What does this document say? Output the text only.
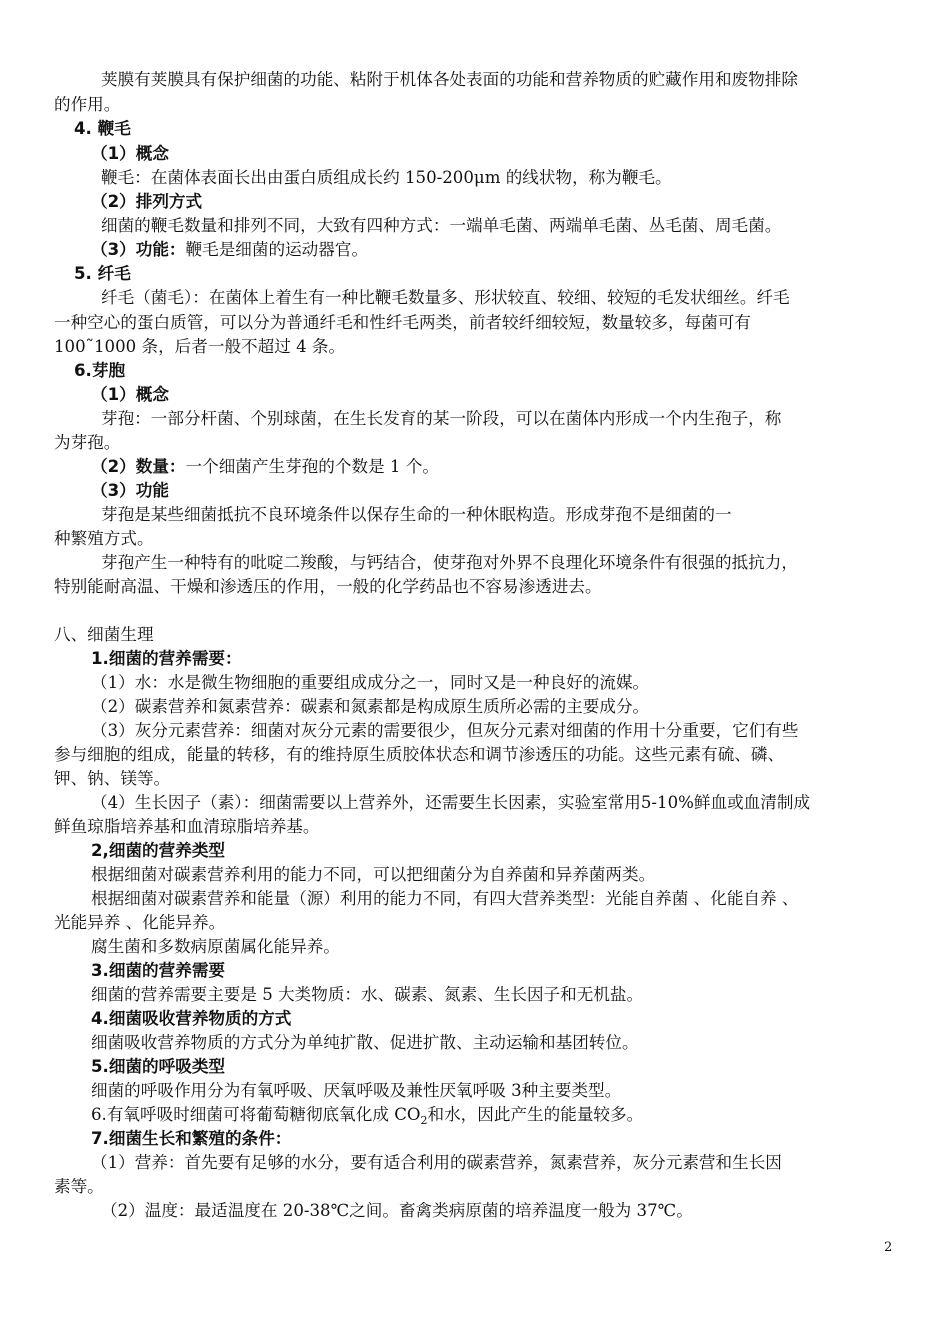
荚膜有荚膜具有保护细菌的功能、粘附于机体各处表面的功能和营养物质的贮藏作用和废物排除
的作用。
4. 鞭毛
（1）概念
鞭毛：在菌体表面长出由蛋白质组成长约 150-200μm 的线状物，称为鞭毛。
（2）排列方式
细菌的鞭毛数量和排列不同，大致有四种方式：一端单毛菌、两端单毛菌、丛毛菌、周毛菌。
（3）功能：鞭毛是细菌的运动器官。
5. 纤毛
纤毛（菌毛）：在菌体上着生有一种比鞭毛数量多、形状较直、较细、较短的毛发状细丝。纤毛
一种空心的蛋白质管，可以分为普通纤毛和性纤毛两类，前者较纤细较短，数量较多，每菌可有
100˜1000 条，后者一般不超过 4 条。
6.芽胞
（1）概念
芽孢：一部分杆菌、个别球菌，在生长发育的某一阶段，可以在菌体内形成一个内生孢子，称
为芽孢。
（2）数量：一个细菌产生芽孢的个数是 1 个。
（3）功能
芽孢是某些细菌抵抗不良环境条件以保存生命的一种休眠构造。形成芽孢不是细菌的一
种繁殖方式。
芽孢产生一种特有的吡啶二羧酸，与钙结合，使芽孢对外界不良理化环境条件有很强的抵抗力，
特别能耐高温、干燥和渗透压的作用，一般的化学药品也不容易渗透进去。
八、细菌生理
1.细菌的营养需要：
（1）水：水是微生物细胞的重要组成成分之一，同时又是一种良好的流媒。
（2）碳素营养和氮素营养：碳素和氮素都是构成原生质所必需的主要成分。
（3）灰分元素营养：细菌对灰分元素的需要很少，但灰分元素对细菌的作用十分重要，它们有些
参与细胞的组成，能量的转移，有的维持原生质胶体状态和调节渗透压的功能。这些元素有硫、磷、
钾、钠、镁等。
（4）生长因子（素）：细菌需要以上营养外，还需要生长因素，实验室常用5-10%鲜血或血清制成
鲜鱼琼脂培养基和血清琼脂培养基。
2,细菌的营养类型
根据细菌对碳素营养利用的能力不同，可以把细菌分为自养菌和异养菌两类。
根据细菌对碳素营养和能量（源）利用的能力不同，有四大营养类型：光能自养菌 、化能自养 、
光能异养 、化能异养。
腐生菌和多数病原菌属化能异养。
3.细菌的营养需要
细菌的营养需要主要是 5 大类物质：水、碳素、氮素、生长因子和无机盐。
4.细菌吸收营养物质的方式
细菌吸收营养物质的方式分为单纯扩散、促进扩散、主动运输和基团转位。
5.细菌的呼吸类型
细菌的呼吸作用分为有氧呼吸、厌氧呼吸及兼性厌氧呼吸 3种主要类型。
6.有氧呼吸时细菌可将葡萄糖彻底氧化成 $CO_2$和水，因此产生的能量较多。
7.细菌生长和繁殖的条件：
（1）营养：首先要有足够的水分，要有适合利用的碳素营养，氮素营养，灰分元素营和生长因
素等。
（2）温度：最适温度在 20-38℃之间。畜禽类病原菌的培养温度一般为 37℃。
2
